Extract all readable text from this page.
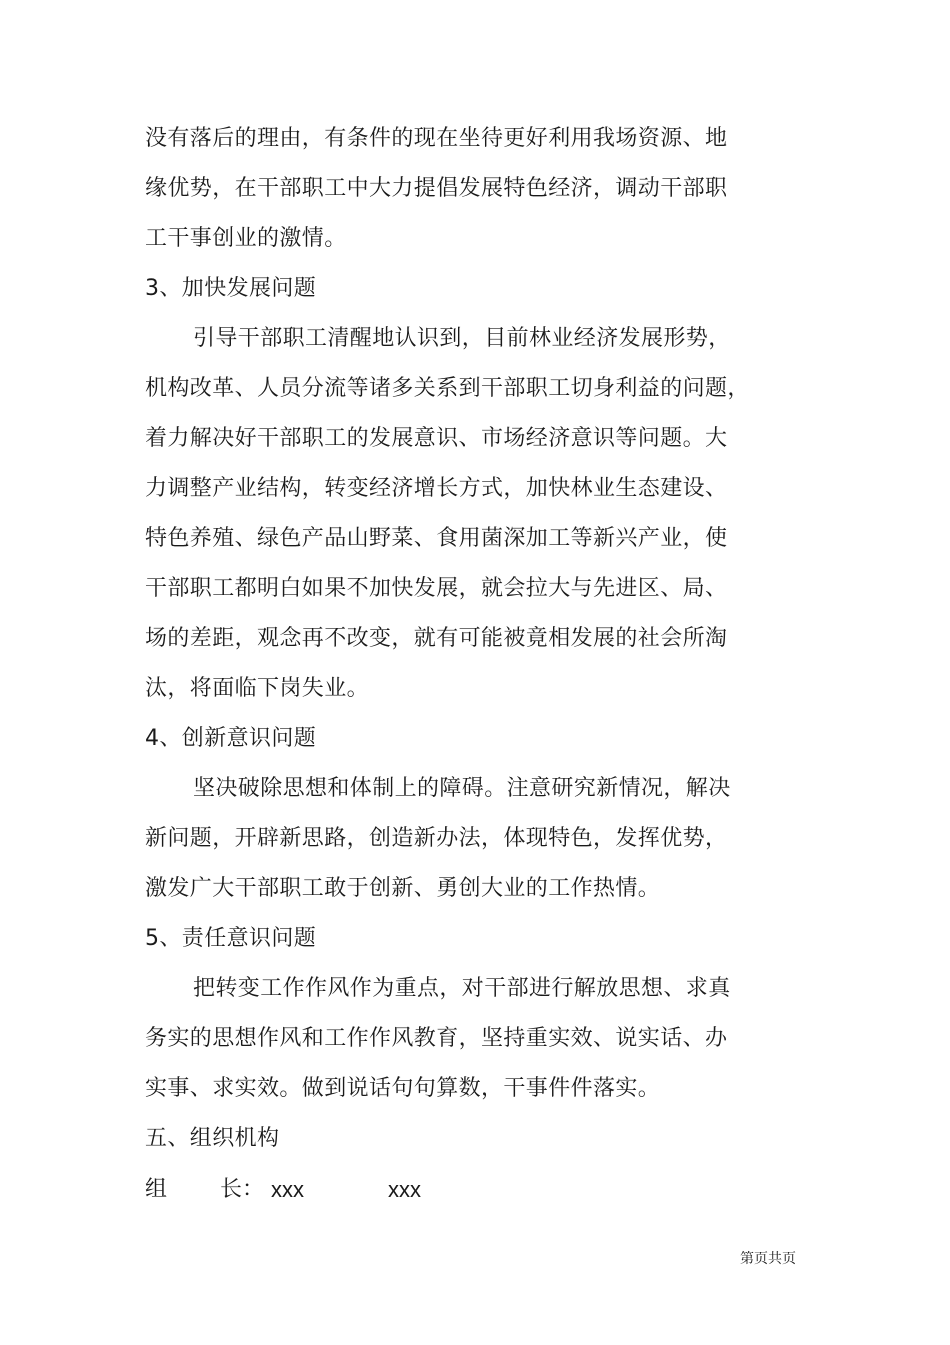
没有落后的理由，有条件的现在坐待更好利用我场资源、地
缘优势，在干部职工中大力提倡发展特色经济，调动干部职
工干事创业的激情。
3、加快发展问题
引导干部职工清醒地认识到，目前林业经济发展形势，
机构改革、人员分流等诸多关系到干部职工切身利益的问题，
着力解决好干部职工的发展意识、市场经济意识等问题。大
力调整产业结构，转变经济增长方式，加快林业生态建设、
特色养殖、绿色产品山野菜、食用菌深加工等新兴产业，使
干部职工都明白如果不加快发展，就会拉大与先进区、局、
场的差距，观念再不改变，就有可能被竟相发展的社会所淘
汰，将面临下岗失业。
4、创新意识问题
坚决破除思想和体制上的障碍。注意研究新情况，解决
新问题，开辟新思路，创造新办法，体现特色，发挥优势，
激发广大干部职工敢于创新、勇创大业的工作热情。
5、责任意识问题
把转变工作作风作为重点，对干部进行解放思想、求真
务实的思想作风和工作作风教育，坚持重实效、说实话、办
实事、求实效。做到说话句句算数，干事件件落实。
五、组织机构
组 长： xxx	xxx
第页共页
